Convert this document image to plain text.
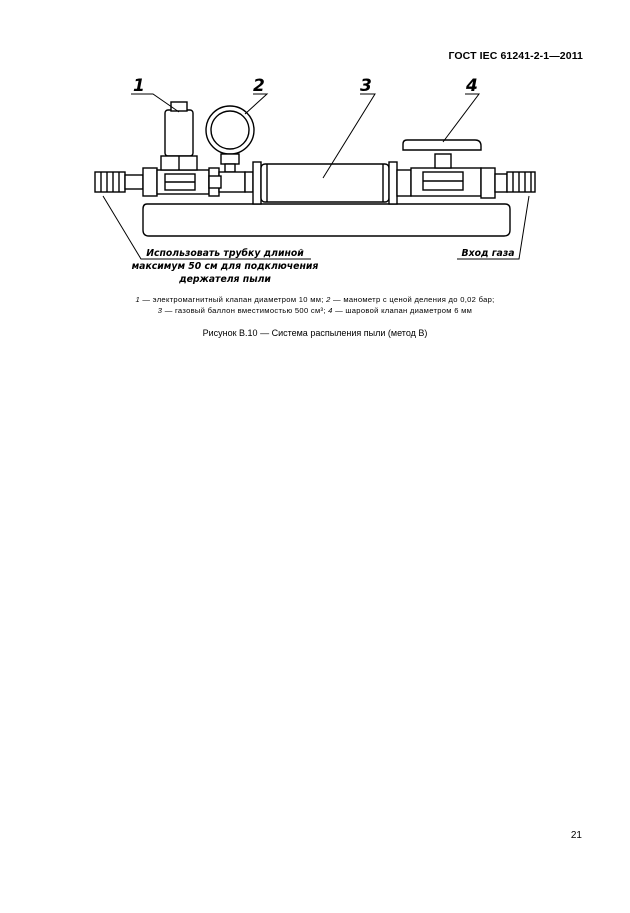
ГОСТ IEC 61241-2-1—2011
1	2	3	4
Использовать трубку длиной
максимум 50 см для подключения
держателя пыли
Вход газа
1 — электромагнитный клапан диаметром 10 мм; 2 — манометр с ценой деления до 0,02 бар;
3 — газовый баллон вместимостью 500 см³; 4 — шаровой клапан диаметром 6 мм
Рисунок В.10 — Система распыления пыли (метод В)
21
